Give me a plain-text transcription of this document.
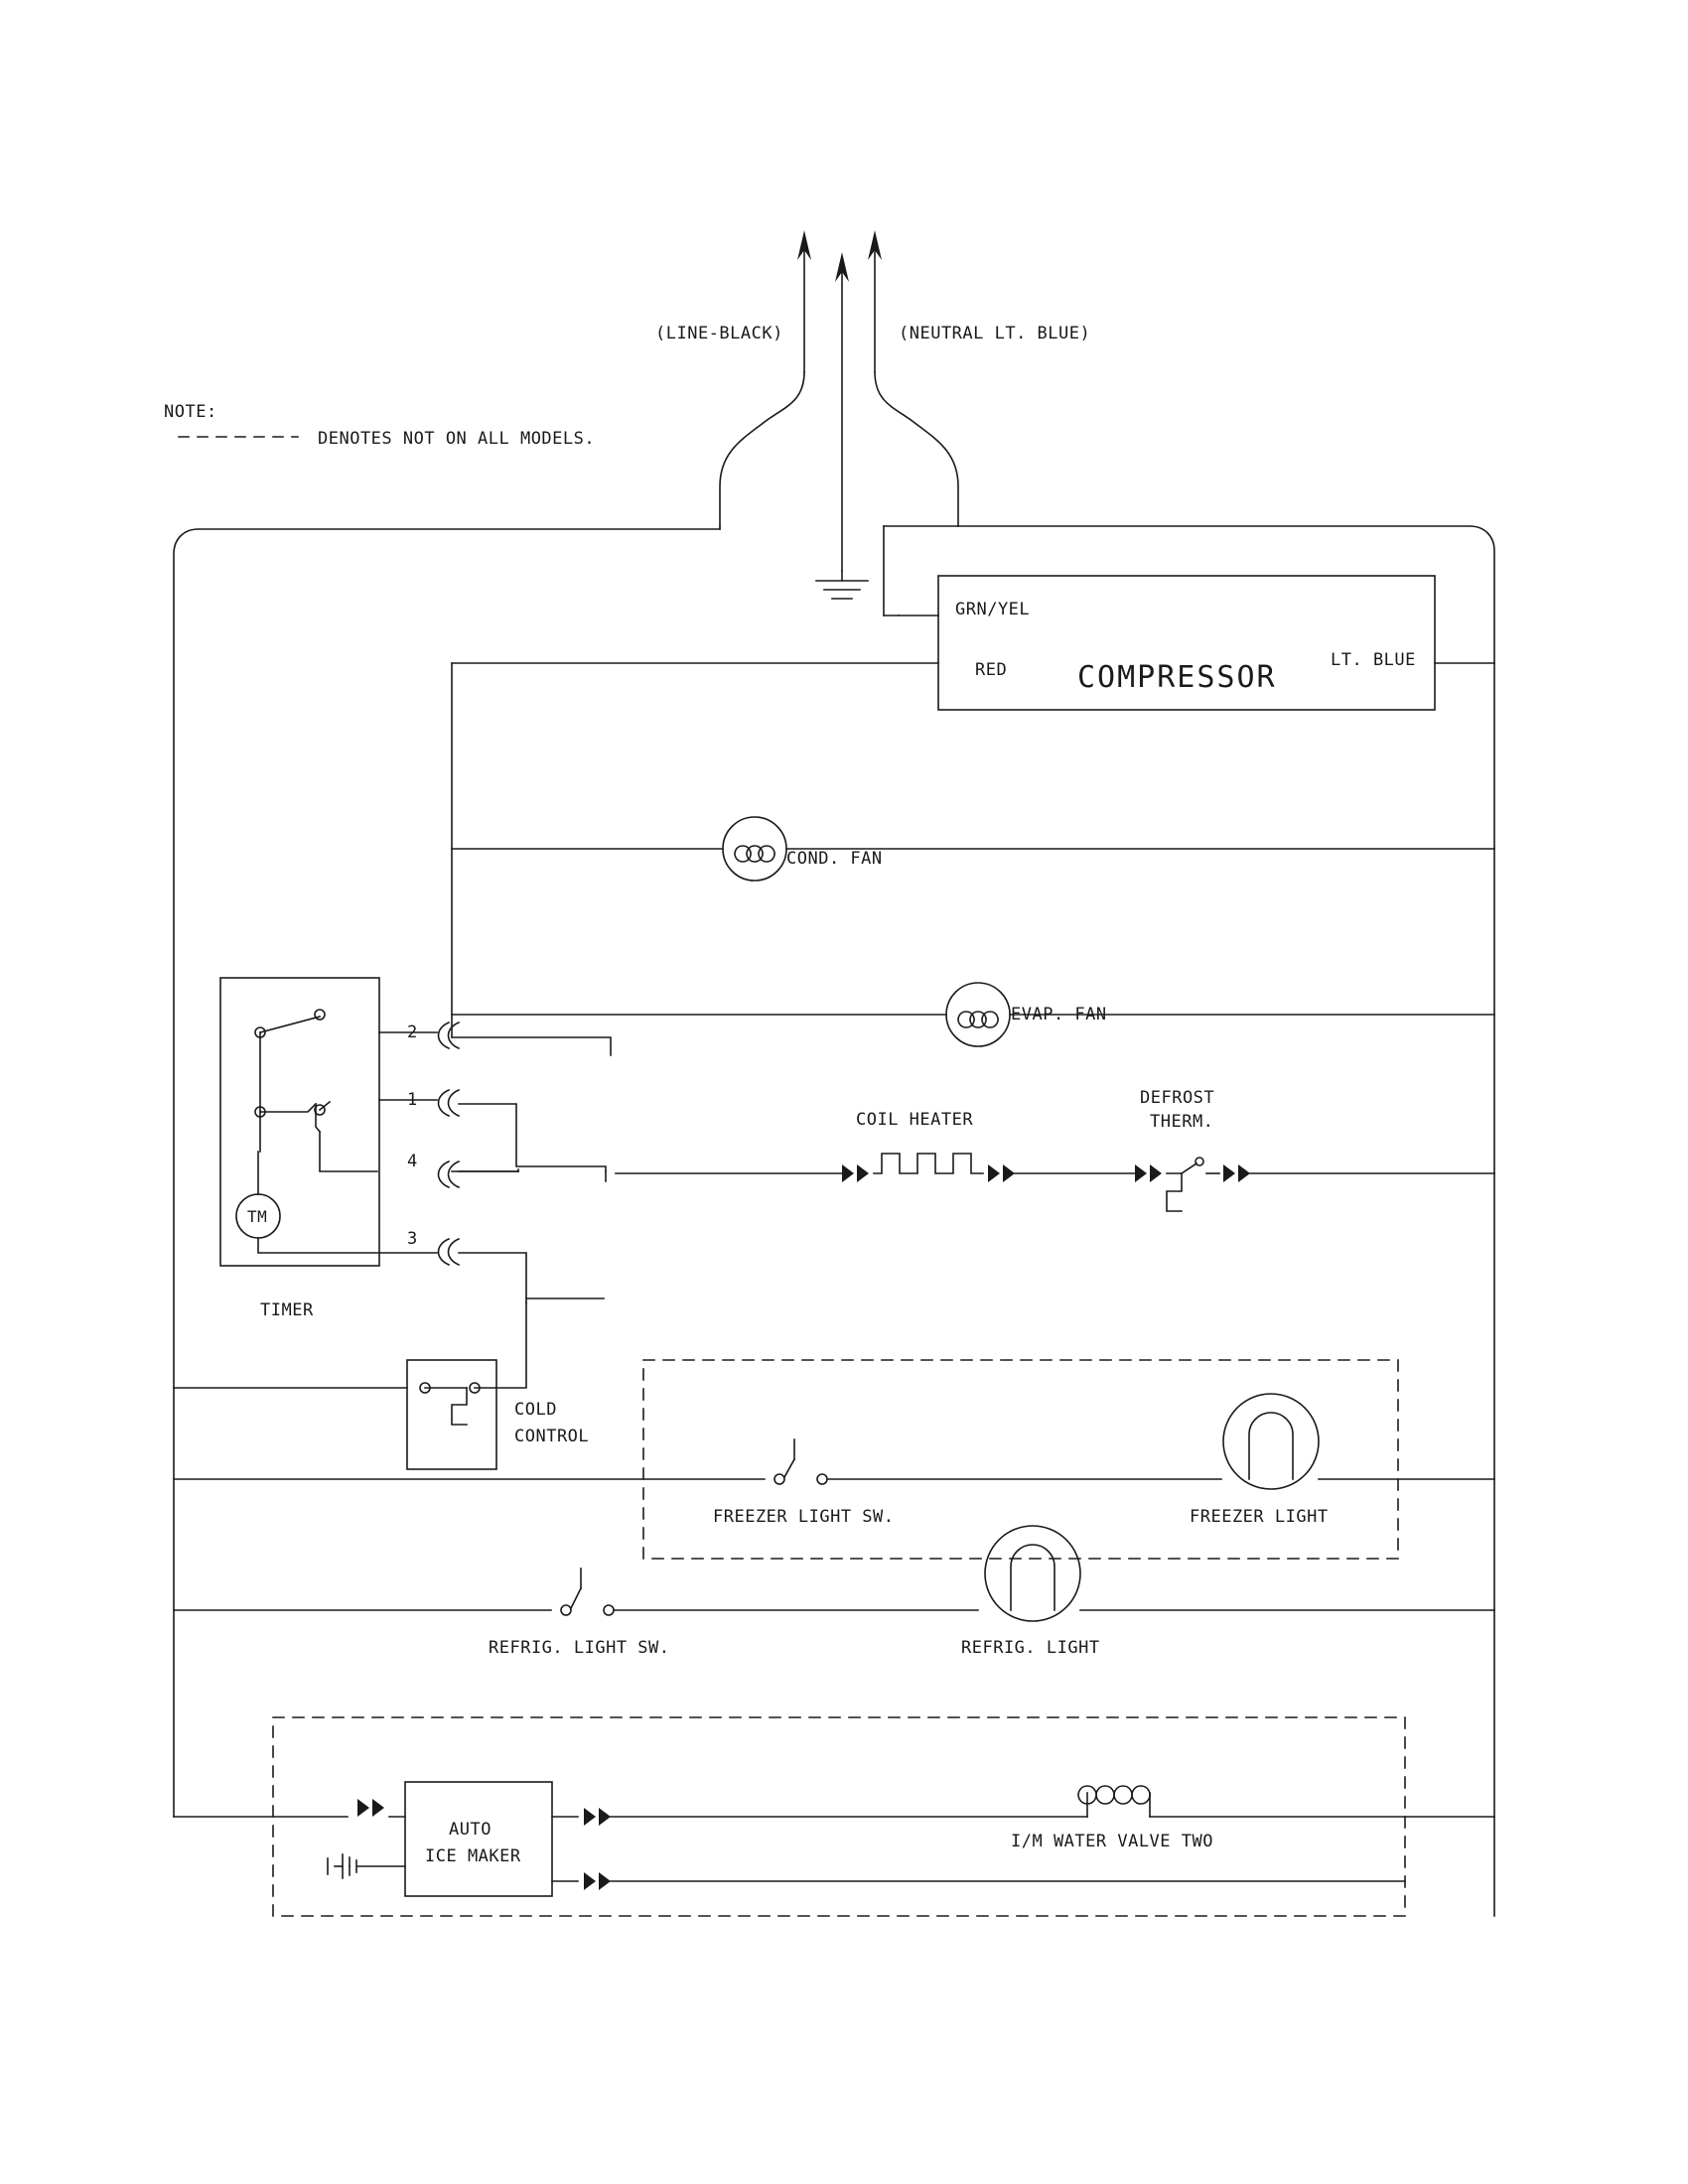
NOTE:
DENOTES NOT ON ALL MODELS.
(LINE-BLACK)	(NEUTRAL LT. BLUE)
GRN/YEL
RED	LT. BLUE
COMPRESSOR
COND. FAN
EVAP. FAN
COIL HEATER
DEFROST
THERM.
2
1
4
3
TM
TIMER
COLD
CONTROL
FREEZER LIGHT SW.	FREEZER LIGHT
REFRIG. LIGHT SW.	REFRIG. LIGHT
AUTO
ICE MAKER
I/M WATER VALVE TWO
